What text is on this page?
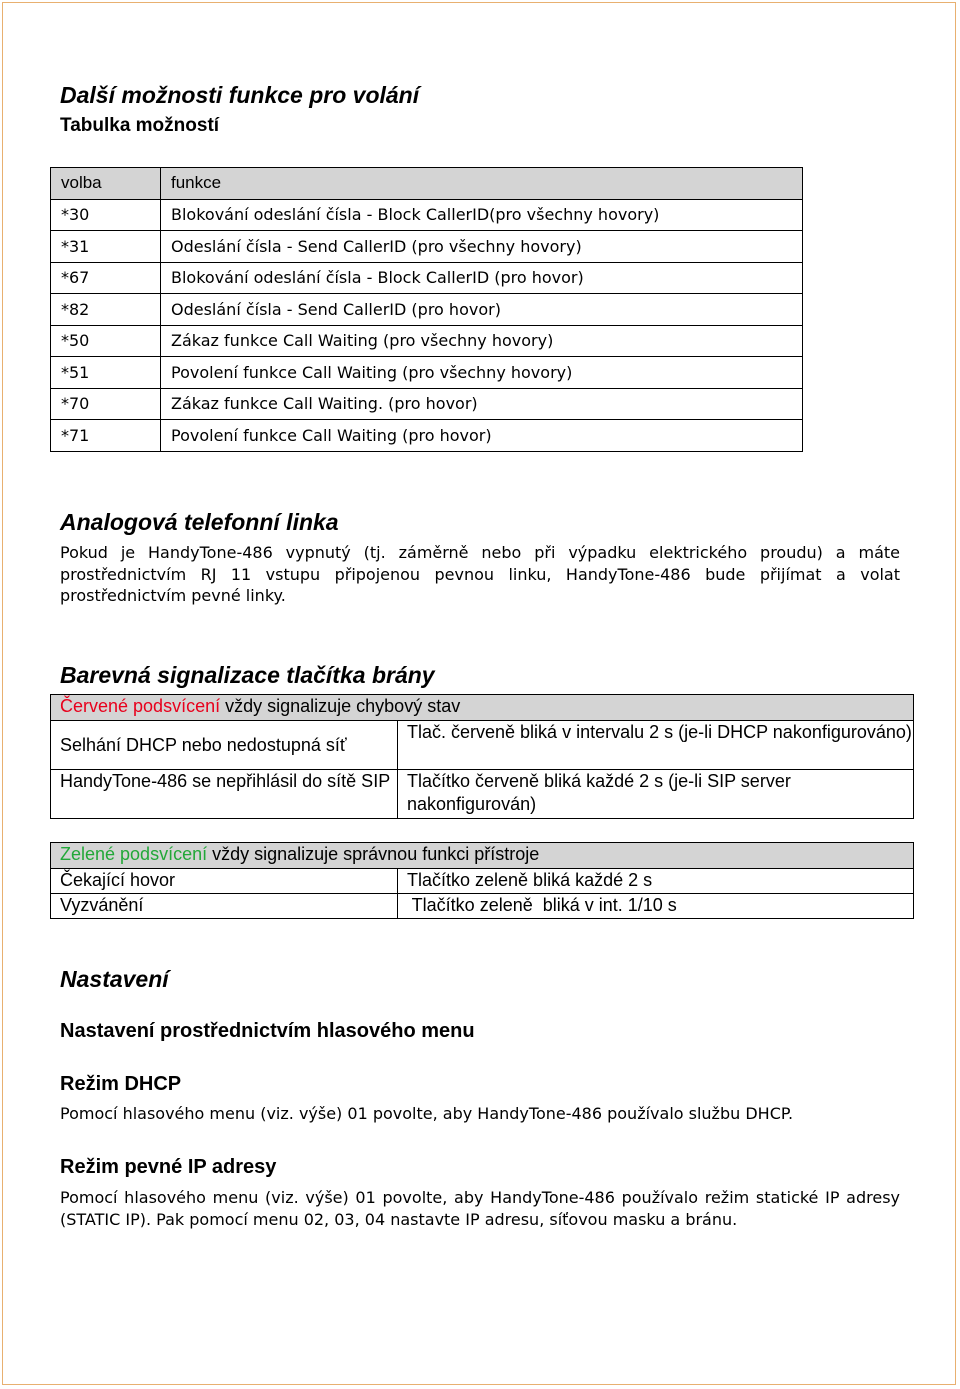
Další možnosti funkce pro volání
Tabulka možností
volba	funkce
*30	Blokování odeslání čísla - Block CallerID(pro všechny hovory)
*31	Odeslání čísla - Send CallerID (pro všechny hovory)
*67	Blokování odeslání čísla - Block CallerID (pro hovor)
*82	Odeslání čísla - Send CallerID (pro hovor)
*50	Zákaz funkce Call Waiting (pro všechny hovory)
*51	Povolení funkce Call Waiting (pro všechny hovory)
*70	Zákaz funkce Call Waiting. (pro hovor)
*71	Povolení funkce Call Waiting (pro hovor)
Analogová telefonní linka

Pokud je HandyTone-486 vypnutý (tj. záměrně nebo při výpadku elektrického proudu) a máte prostřednictvím RJ 11 vstupu připojenou pevnou linku, HandyTone-486 bude přijímat a volat prostřednictvím pevné linky.

Barevná signalizace tlačítka brány
Červené podsvícení vždy signalizuje chybový stav	
Selhání DHCP nebo nedostupná síť	Tlač. červeně bliká v intervalu 2 s (je-li DHCP nakonfigurováno)
HandyTone-486 se nepřihlásil do sítě SIP	Tlačítko červeně bliká každé 2 s (je-li SIP server nakonfigurován)
Zelené podsvícení vždy signalizuje správnou funkci přístroje	
Čekající hovor	Tlačítko zeleně bliká každé 2 s
Vyzvánění	Tlačítko zeleně  bliká v int. 1/10 s
Nastavení
Nastavení prostřednictvím hlasového menu
Režim DHCP

Pomocí hlasového menu (viz. výše) 01 povolte, aby HandyTone-486 používalo službu DHCP.

Režim pevné IP adresy

Pomocí hlasového menu (viz. výše) 01 povolte, aby HandyTone-486 používalo režim statické IP adresy (STATIC IP). Pak pomocí menu 02, 03, 04 nastavte IP adresu, síťovou masku a bránu.
